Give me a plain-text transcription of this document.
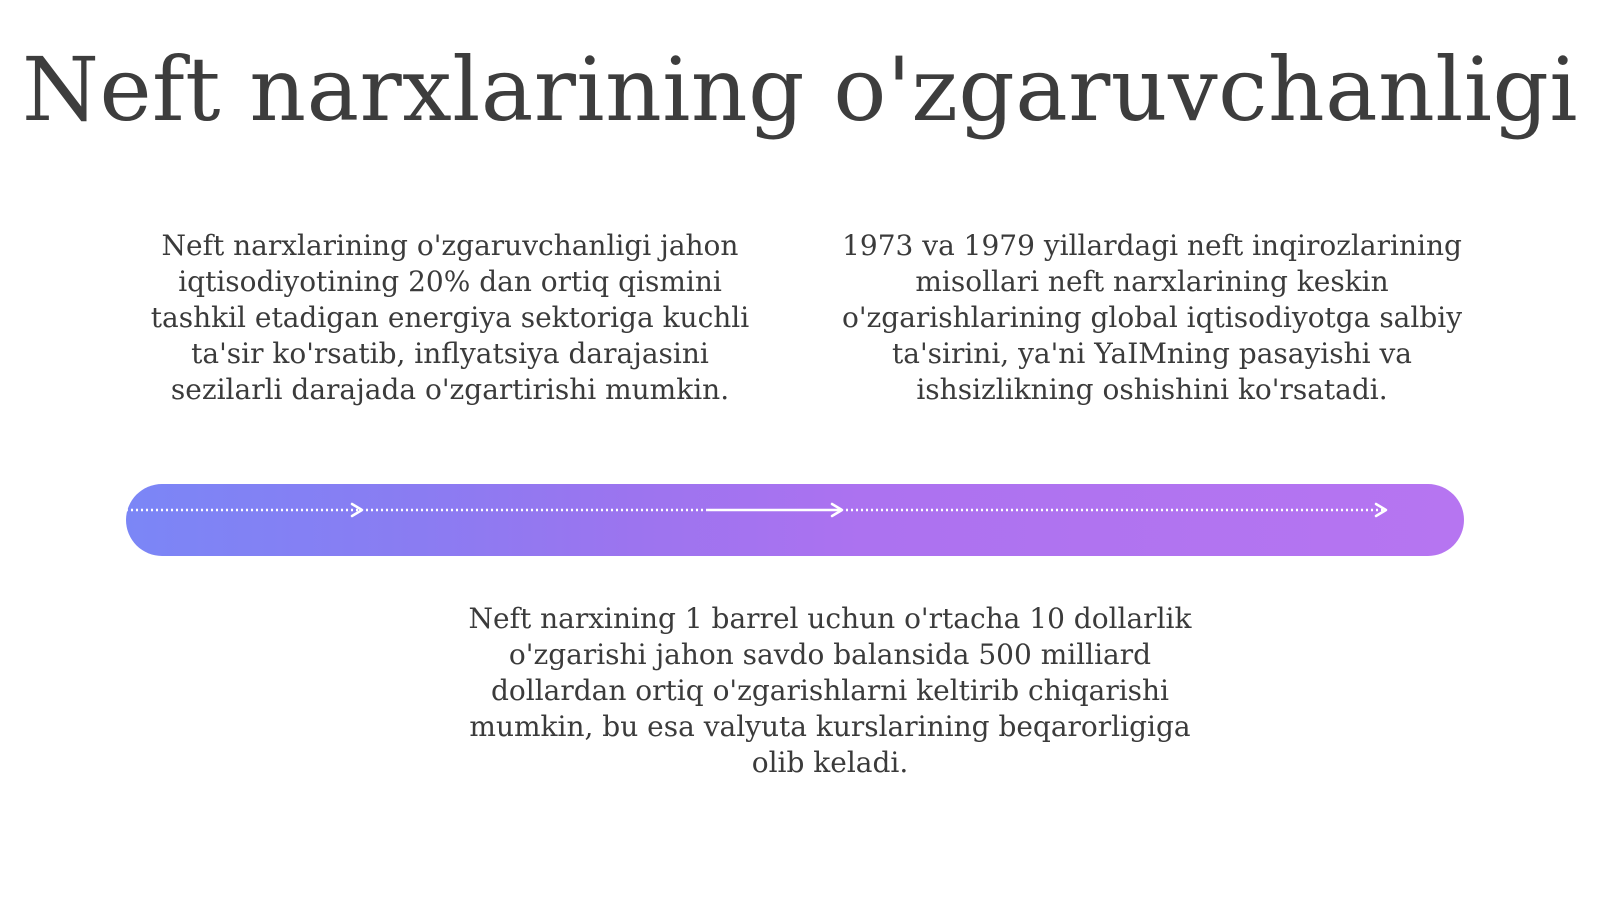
Neft narxlarining o'zgaruvchanligi

Neft narxlarining o'zgaruvchanligi jahon iqtisodiyotining 20% dan ortiq qismini tashkil etadigan energiya sektoriga kuchli ta'sir ko'rsatib, inflyatsiya darajasini sezilarli darajada o'zgartirishi mumkin.

1973 va 1979 yillardagi neft inqirozlarining misollari neft narxlarining keskin o'zgarishlarining global iqtisodiyotga salbiy ta'sirini, ya'ni YaIMning pasayishi va ishsizlikning oshishini ko'rsatadi.

Neft narxining 1 barrel uchun o'rtacha 10 dollarlik o'zgarishi jahon savdo balansida 500 milliard dollardan ortiq o'zgarishlarni keltirib chiqarishi mumkin, bu esa valyuta kurslarining beqarorligiga olib keladi.
